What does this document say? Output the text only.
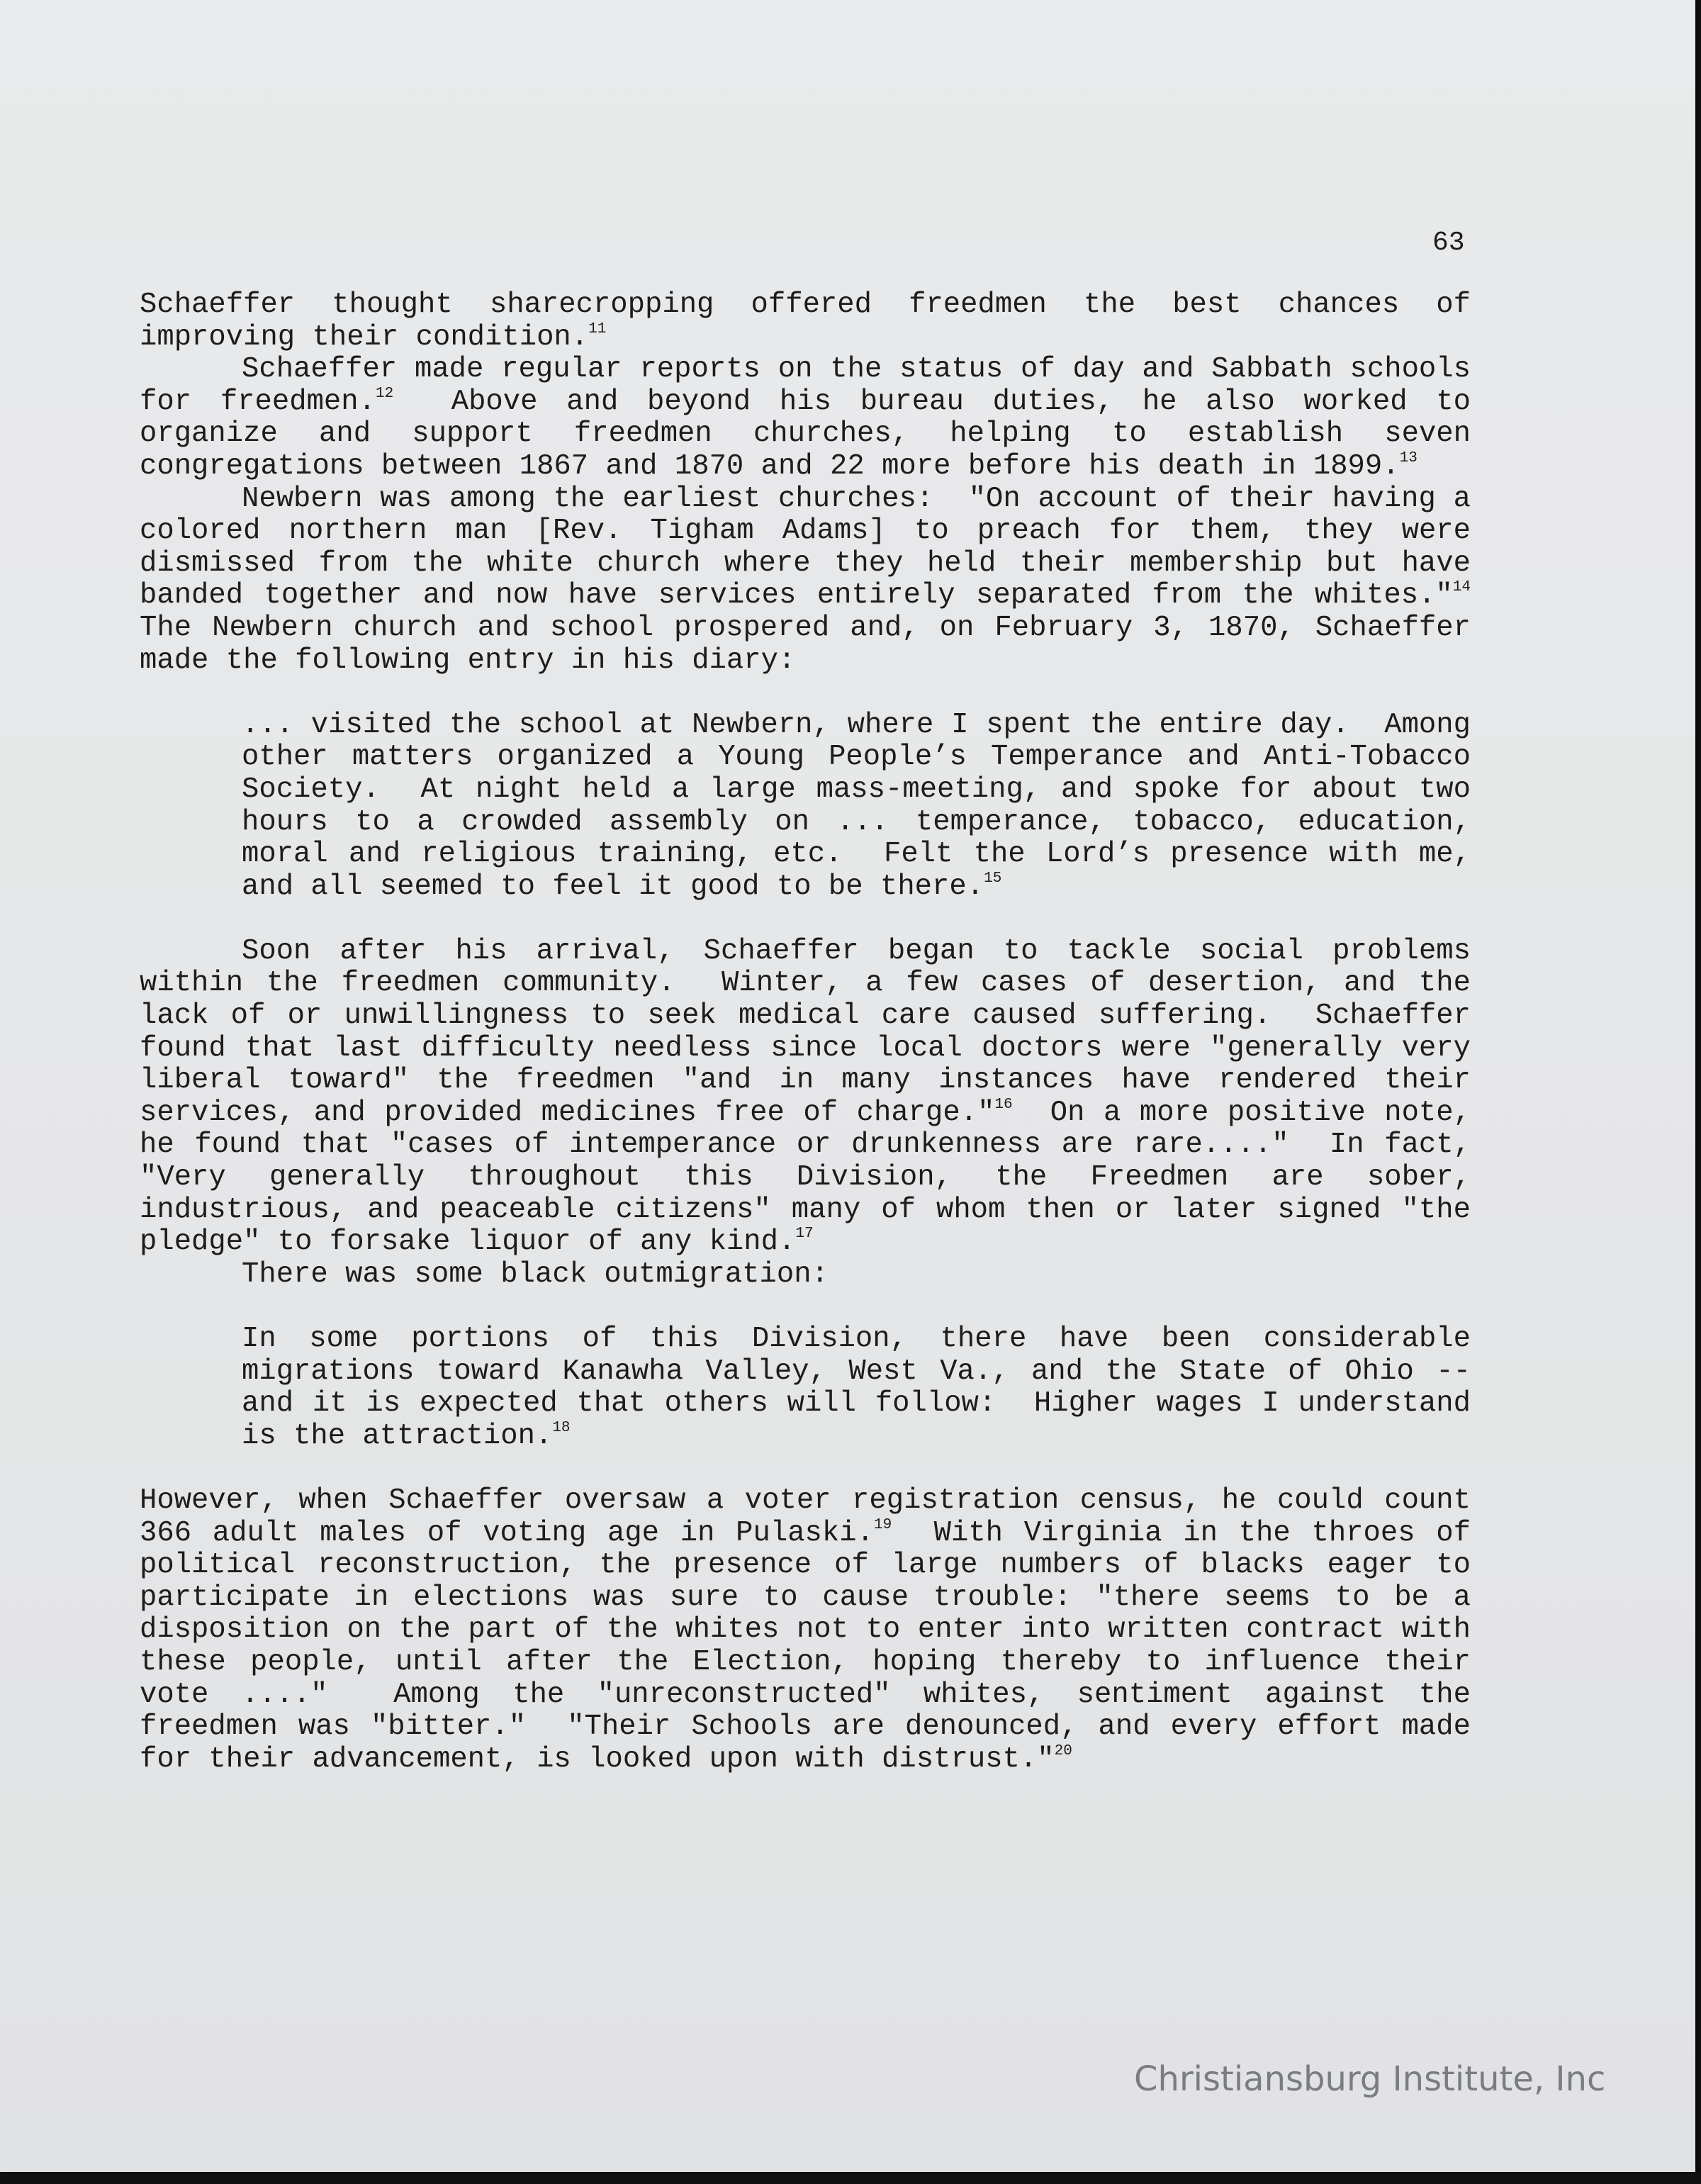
63

Schaeffer thought sharecropping offered freedmen the best chances of improving their condition.$^{11}$

Schaeffer made regular reports on the status of day and Sabbath schools for freedmen.$^{12}$  Above and beyond his bureau duties, he also worked to organize and support freedmen churches, helping to establish seven congregations between 1867 and 1870 and 22 more before his death in 1899.13

Newbern was among the earliest churches:  "On account of their having a colored northern man [Rev. Tigham Adams] to preach for them, they were dismissed from the white church where they held their membership but have banded together and now have services entirely separated from the whites."$^{14}$  The Newbern church and school prospered and, on February 3, 1870, Schaeffer made the following entry in his diary:

... visited the school at Newbern, where I spent the entire day.  Among other matters organized a Young People’s Temperance and Anti-Tobacco Society.  At night held a large mass-meeting, and spoke for about two hours to a crowded assembly on ... temperance, tobacco, education, moral and religious training, etc.  Felt the Lord’s presence with me, and all seemed to feel it good to be there.$^{15}$

Soon after his arrival, Schaeffer began to tackle social problems within the freedmen community.  Winter, a few cases of desertion, and the lack of or unwillingness to seek medical care caused suffering.  Schaeffer found that last difficulty needless since local doctors were "generally very liberal toward" the freedmen "and in many instances have rendered their services, and provided medicines free of charge."$^{16}$  On a more positive note, he found that "cases of intemperance or drunkenness are rare...."  In fact, "Very generally throughout this Division, the Freedmen are sober, industrious, and peaceable citizens" many of whom then or later signed "the pledge" to forsake liquor of any kind.$^{17}$

There was some black outmigration:

In some portions of this Division, there have been considerable migrations toward Kanawha Valley, West Va., and the State of Ohio -- and it is expected that others will follow:  Higher wages I understand is the attraction.$^{18}$

However, when Schaeffer oversaw a voter registration census, he could count 366 adult males of voting age in Pulaski.$^{19}$  With Virginia in the throes of political reconstruction, the presence of large numbers of blacks eager to participate in elections was sure to cause trouble: "there seems to be a disposition on the part of the whites not to enter into written contract with these people, until after the Election, hoping thereby to influence their vote ...."  Among the "unreconstructed" whites, sentiment against the freedmen was "bitter."  "Their Schools are denounced, and every effort made for their advancement, is looked upon with distrust."$^{20}$

Christiansburg Institute, Inc
